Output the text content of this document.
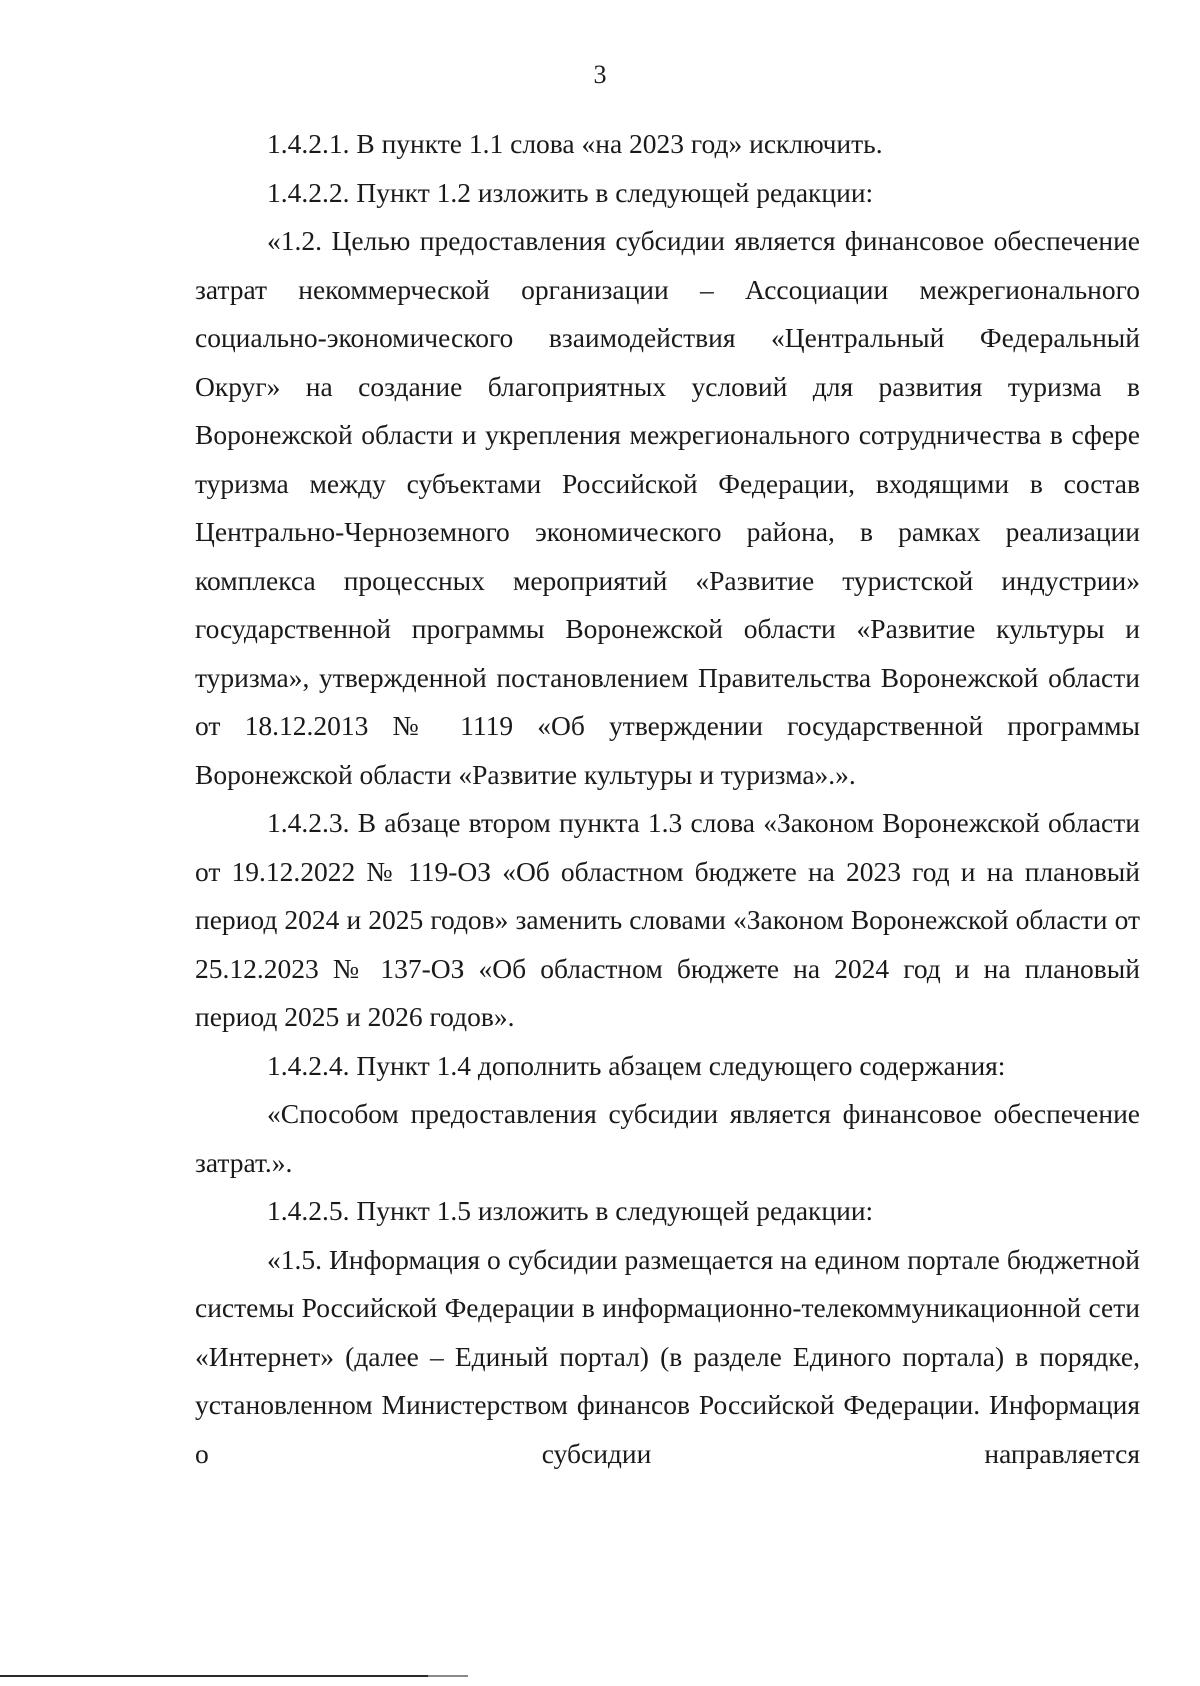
3

1.4.2.1. В пункте 1.1 слова «на 2023 год» исключить.

1.4.2.2. Пункт 1.2 изложить в следующей редакции:

«1.2. Целью предоставления субсидии является финансовое обеспечение затрат некоммерческой организации – Ассоциации межрегионального социально-экономического взаимодействия «Центральный Федеральный Округ» на создание благоприятных условий для развития туризма в Воронежской области и укрепления межрегионального сотрудничества в сфере туризма между субъектами Российской Федерации, входящими в состав Центрально-Черноземного экономического района, в рамках реализации комплекса процессных мероприятий «Развитие туристской индустрии» государственной программы Воронежской области «Развитие культуры и туризма», утвержденной постановлением Правительства Воронежской области от 18.12.2013 № 1119 «Об утверждении государственной программы Воронежской области «Развитие культуры и туризма».».

1.4.2.3. В абзаце втором пункта 1.3 слова «Законом Воронежской области от 19.12.2022 № 119-ОЗ «Об областном бюджете на 2023 год и на плановый период 2024 и 2025 годов» заменить словами «Законом Воронежской области от 25.12.2023 № 137-ОЗ «Об областном бюджете на 2024 год и на плановый период 2025 и 2026 годов».

1.4.2.4. Пункт 1.4 дополнить абзацем следующего содержания:

«Способом предоставления субсидии является финансовое обеспечение затрат.».

1.4.2.5. Пункт 1.5 изложить в следующей редакции:

«1.5. Информация о субсидии размещается на едином портале бюджетной системы Российской Федерации в информационно-телекоммуникационной сети «Интернет» (далее – Единый портал) (в разделе Единого портала) в порядке, установленном Министерством финансов Российской Федерации. Информация о субсидии направляется
